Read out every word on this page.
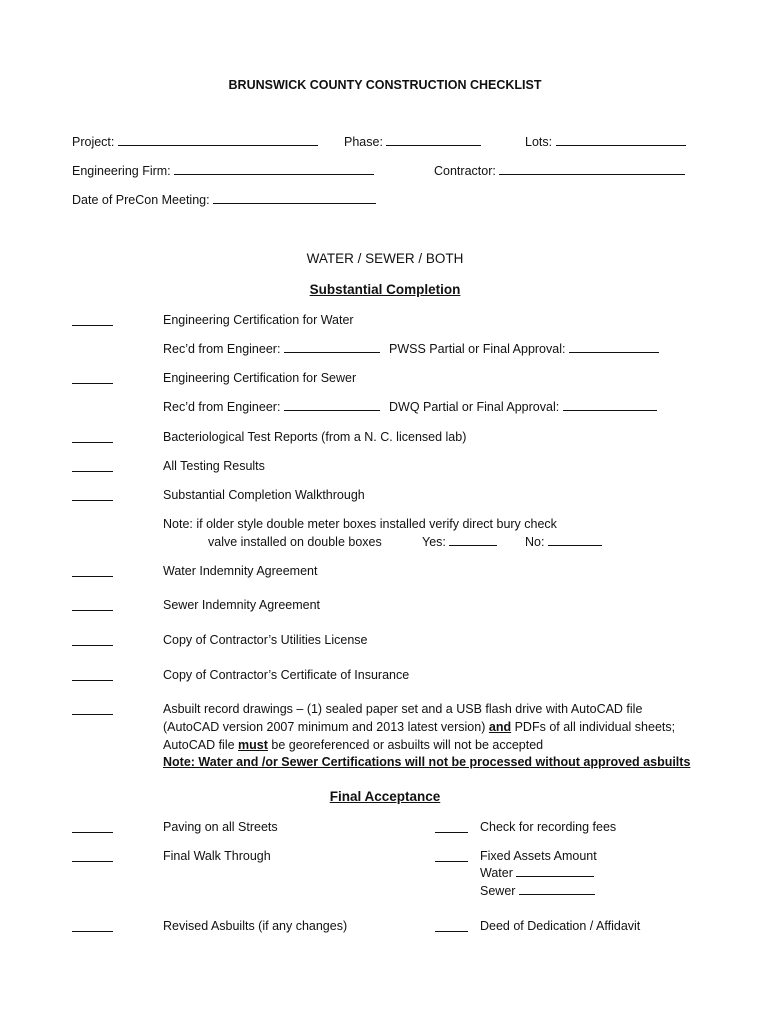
BRUNSWICK COUNTY CONSTRUCTION CHECKLIST
Project:	Phase:	Lots:
Engineering Firm:	Contractor:
Date of PreCon Meeting:
WATER / SEWER / BOTH
Substantial Completion
Engineering Certification for Water
Rec’d from Engineer:	PWSS Partial or Final Approval:
Engineering Certification for Sewer
Rec’d from Engineer:	DWQ Partial or Final Approval:
Bacteriological Test Reports (from a N. C. licensed lab)
All Testing Results
Substantial Completion Walkthrough
Note: if older style double meter boxes installed verify direct bury check
valve installed on double boxes	Yes:	No:
Water Indemnity Agreement
Sewer Indemnity Agreement
Copy of Contractor’s Utilities License
Copy of Contractor’s Certificate of Insurance
Asbuilt record drawings – (1) sealed paper set and a USB flash drive with AutoCAD file
(AutoCAD version 2007 minimum and 2013 latest version) and PDFs of all individual sheets;
AutoCAD file must be georeferenced or asbuilts will not be accepted
Note: Water and /or Sewer Certifications will not be processed without approved asbuilts
Final Acceptance
Paving on all Streets	Check for recording fees
Final Walk Through	Fixed Assets Amount
Water
Sewer
Revised Asbuilts (if any changes)	Deed of Dedication / Affidavit
